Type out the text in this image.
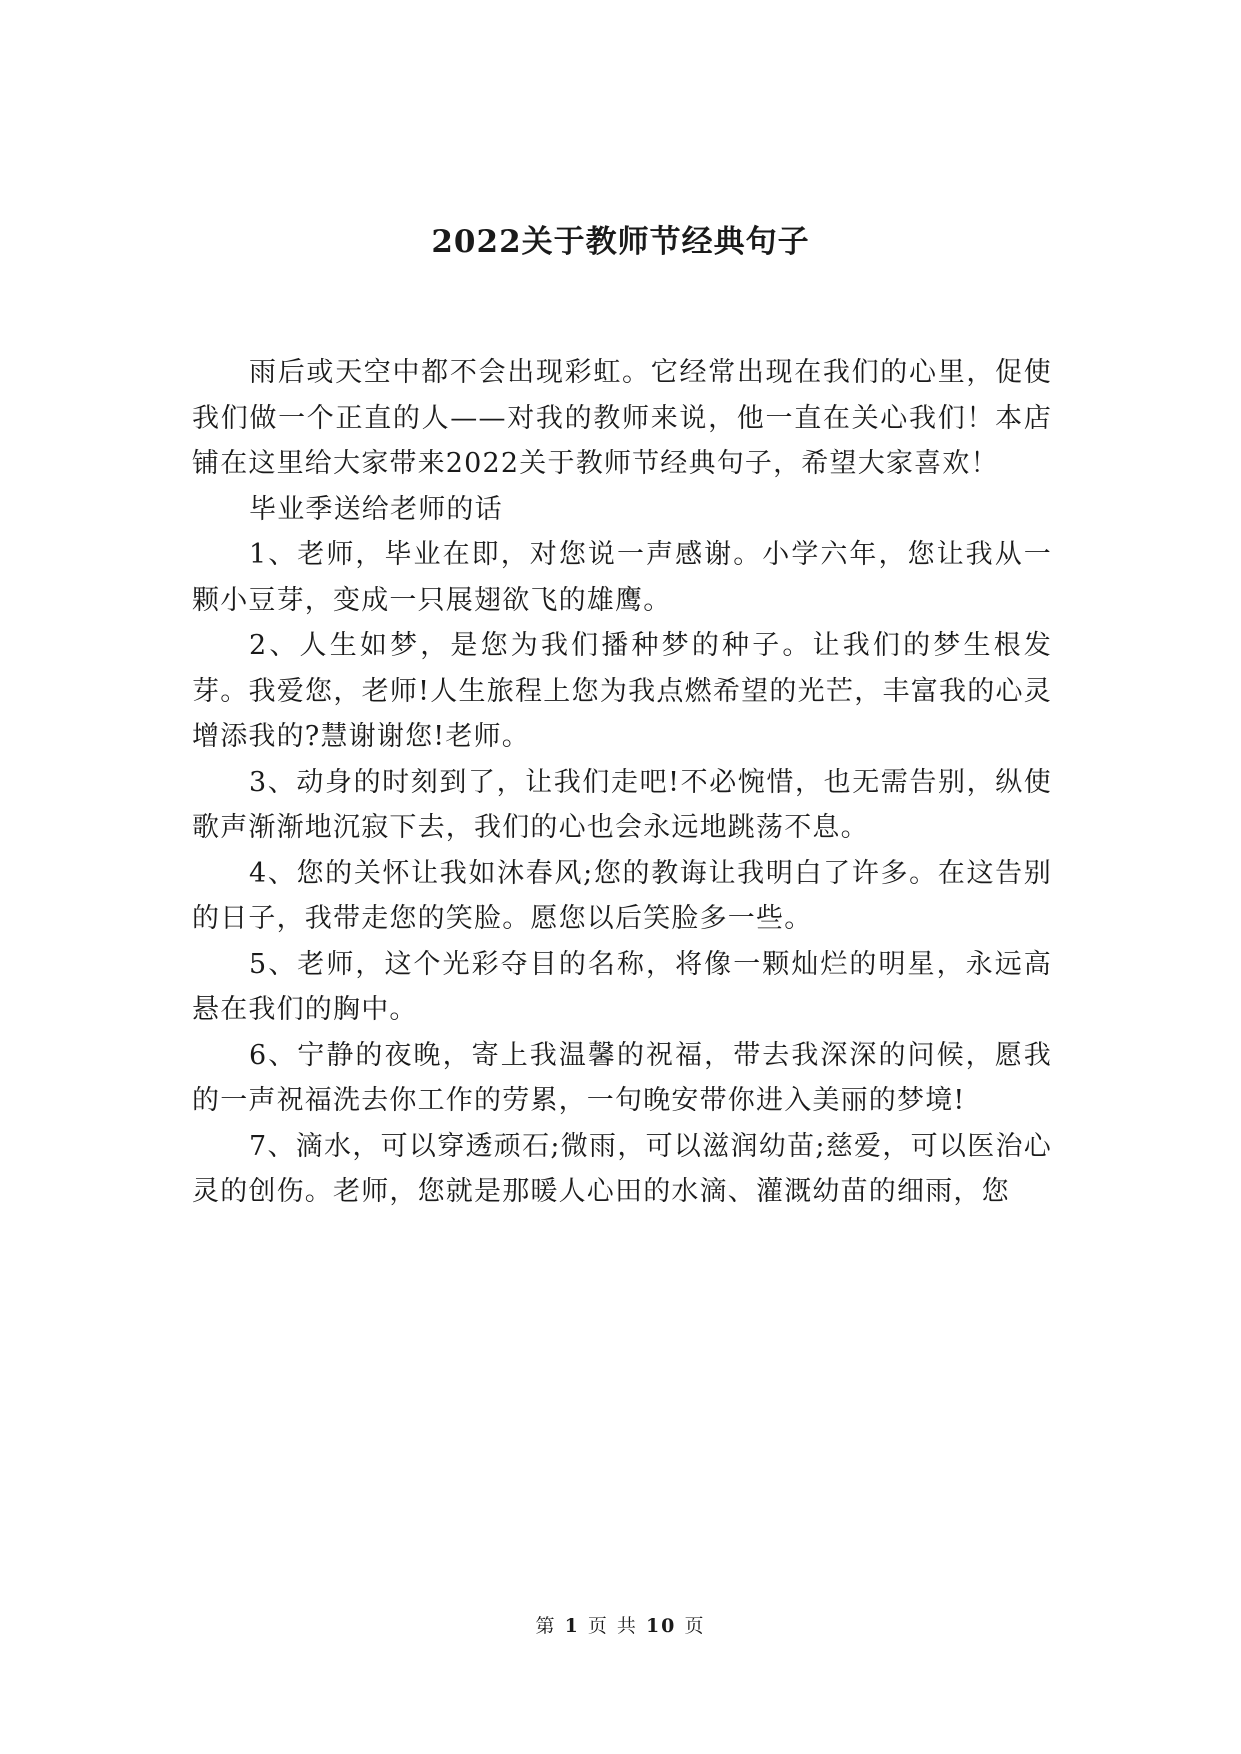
2022关于教师节经典句子

雨后或天空中都不会出现彩虹。它经常出现在我们的心里，促使我们做一个正直的人——对我的教师来说，他一直在关心我们！本店铺在这里给大家带来2022关于教师节经典句子，希望大家喜欢！

毕业季送给老师的话

1、老师，毕业在即，对您说一声感谢。小学六年，您让我从一颗小豆芽，变成一只展翅欲飞的雄鹰。

2、人生如梦，是您为我们播种梦的种子。让我们的梦生根发芽。我爱您，老师!人生旅程上您为我点燃希望的光芒，丰富我的心灵增添我的?慧谢谢您!老师。

3、动身的时刻到了，让我们走吧!不必惋惜，也无需告别，纵使歌声渐渐地沉寂下去，我们的心也会永远地跳荡不息。

4、您的关怀让我如沐春风;您的教诲让我明白了许多。在这告别的日子，我带走您的笑脸。愿您以后笑脸多一些。

5、老师，这个光彩夺目的名称，将像一颗灿烂的明星，永远高悬在我们的胸中。

6、宁静的夜晚，寄上我温馨的祝福，带去我深深的问候，愿我的一声祝福洗去你工作的劳累，一句晚安带你进入美丽的梦境!

7、滴水，可以穿透顽石;微雨，可以滋润幼苗;慈爱，可以医治心灵的创伤。老师，您就是那暖人心田的水滴、灌溉幼苗的细雨，您

第 1 页 共 10 页
